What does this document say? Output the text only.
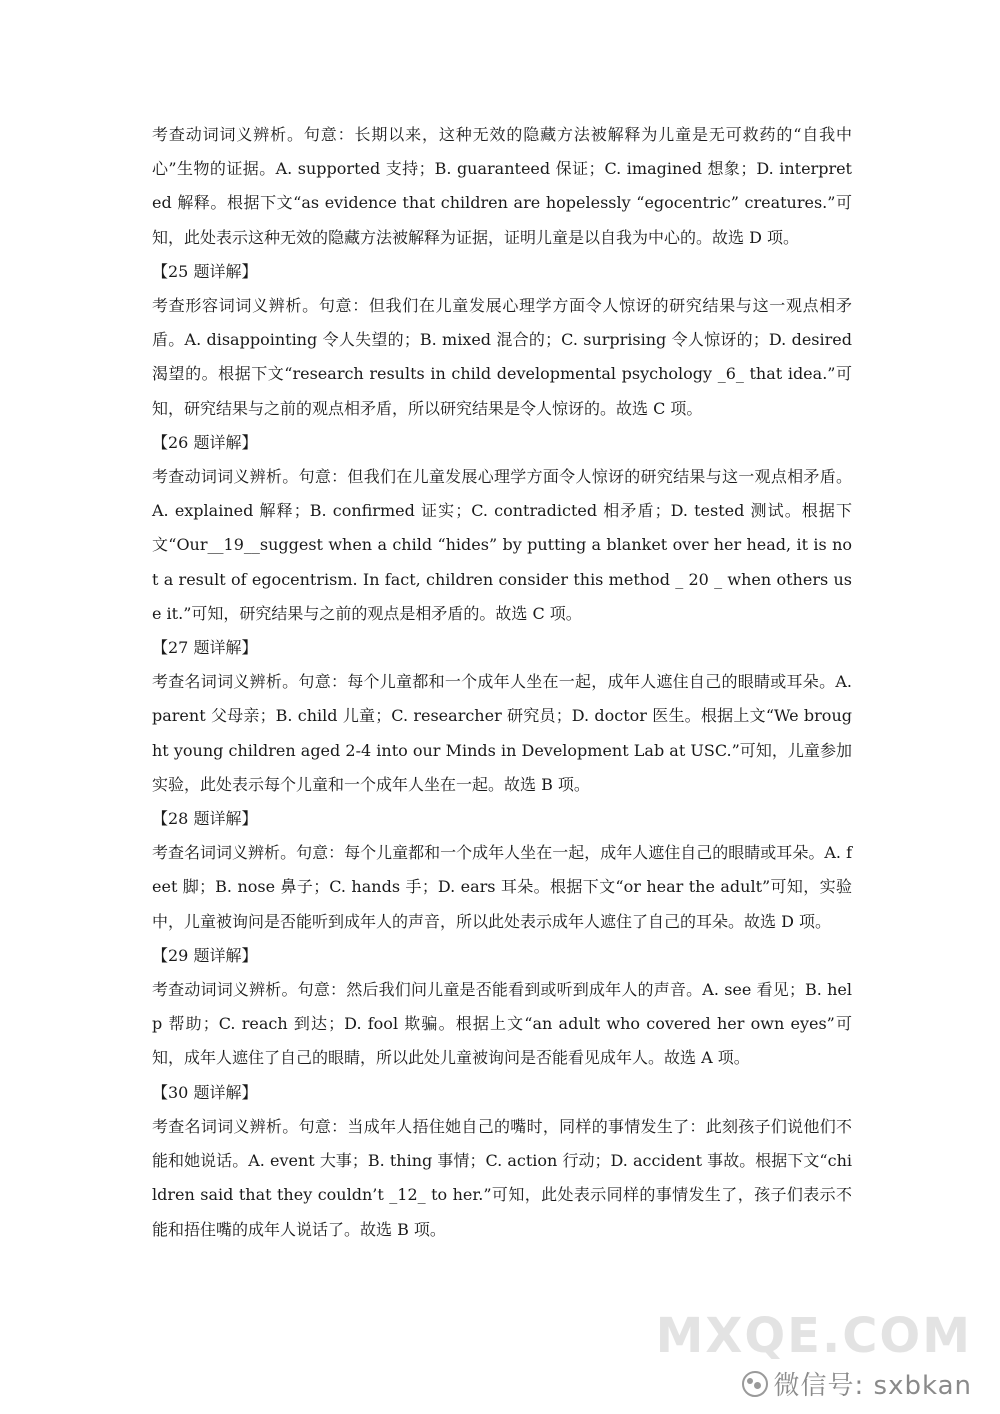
考查动词词义辨析。句意：长期以来，这种无效的隐藏方法被解释为儿童是无可救药的“自我中心”生物的证据。A. supported 支持；B. guaranteed 保证；C. imagined 想象；D. interpreted 解释。根据下文“as evidence that children are hopelessly “egocentric” creatures.”可知，此处表示这种无效的隐藏方法被解释为证据，证明儿童是以自我为中心的。故选 D 项。

【25 题详解】

考查形容词词义辨析。句意：但我们在儿童发展心理学方面令人惊讶的研究结果与这一观点相矛盾。A. disappointing 令人失望的；B. mixed 混合的；C. surprising 令人惊讶的；D. desired 渴望的。根据下文“research results in child developmental psychology _6_ that idea.”可知，研究结果与之前的观点相矛盾，所以研究结果是令人惊讶的。故选 C 项。

【26 题详解】

考查动词词义辨析。句意：但我们在儿童发展心理学方面令人惊讶的研究结果与这一观点相矛盾。A. explained 解释；B. confirmed 证实；C. contradicted 相矛盾；D. tested 测试。根据下文“Our__19__suggest when a child “hides” by putting a blanket over her head, it is not a result of egocentrism. In fact, children consider this method _ 20 _ when others use it.”可知，研究结果与之前的观点是相矛盾的。故选 C 项。

【27 题详解】

考查名词词义辨析。句意：每个儿童都和一个成年人坐在一起，成年人遮住自己的眼睛或耳朵。A. parent 父母亲；B. child 儿童；C. researcher 研究员；D. doctor 医生。根据上文“We brought young children aged 2-4 into our Minds in Development Lab at USC.”可知，儿童参加实验，此处表示每个儿童和一个成年人坐在一起。故选 B 项。

【28 题详解】

考查名词词义辨析。句意：每个儿童都和一个成年人坐在一起，成年人遮住自己的眼睛或耳朵。A. feet 脚；B. nose 鼻子；C. hands 手；D. ears 耳朵。根据下文“or hear the adult”可知，实验中，儿童被询问是否能听到成年人的声音，所以此处表示成年人遮住了自己的耳朵。故选 D 项。

【29 题详解】

考查动词词义辨析。句意：然后我们问儿童是否能看到或听到成年人的声音。A. see 看见；B. help 帮助；C. reach 到达；D. fool 欺骗。根据上文“an adult who covered her own eyes”可知，成年人遮住了自己的眼睛，所以此处儿童被询问是否能看见成年人。故选 A 项。

【30 题详解】

考查名词词义辨析。句意：当成年人捂住她自己的嘴时，同样的事情发生了：此刻孩子们说他们不能和她说话。A. event 大事；B. thing 事情；C. action 行动；D. accident 事故。根据下文“children said that they couldn’t _12_ to her.”可知，此处表示同样的事情发生了，孩子们表示不能和捂住嘴的成年人说话了。故选 B 项。

MXQE.COM
微信号: sxbkan
